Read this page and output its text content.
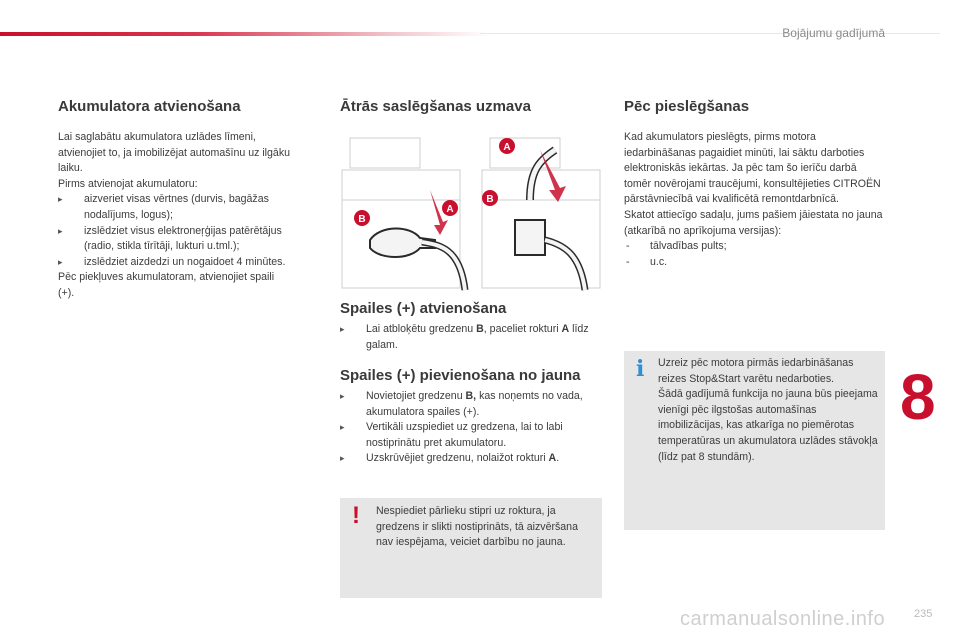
Bojājumu gadījumā
8
Akumulatora atvienošana

Lai saglabātu akumulatora uzlādes līmeni, atvienojiet to, ja imobilizējat automašīnu uz ilgāku laiku.

Pirms atvienojat akumulatoru:

▸ aizveriet visas vērtnes (durvis, bagāžas nodalījums, logus);
▸ izslēdziet visus elektroneŗģijas patērētājus (radio, stikla tīrītāji, lukturi u.tml.);
▸ izslēdziet aizdedzi un nogaidoet 4 minūtes.

Pēc piekļuves akumulatoram, atvienojiet spaili (+).

Ātrās saslēgšanas uzmava
A
B
A
B
Spailes (+) atvienošana
▸ Lai atbloķētu gredzenu B, paceliet rokturi A līdz galam.
Spailes (+) pievienošana no jauna
▸ Novietojiet gredzenu B, kas noņemts no vada, akumulatora spailes (+).
▸ Vertikāli uzspiediet uz gredzena, lai to labi nostiprinātu pret akumulatoru.
▸ Uzskrūvējiet gredzenu, nolaižot rokturi A.
! Nespiediet pārlieku stipri uz roktura, ja gredzens ir slikti nostiprināts, tā aizvēršana nav iespējama, veiciet darbību no jauna.
Pēc pieslēgšanas

Kad akumulators pieslēgts, pirms motora iedarbināšanas pagaidiet minūti, lai sāktu darboties elektroniskās iekārtas. Ja pēc tam šo ierīču darbā tomēr novērojami traucējumi, konsultējieties CITROËN pārstāvniecībā vai kvalificētā remontdarbnīcā.

Skatot attiecīgo sadaļu, jums pašiem jāiestata no jauna (atkarībā no aprīkojuma versijas):

- tālvadības pults;
- u.c.
i Uzreiz pēc motora pirmās iedarbināšanas reizes Stop&Start varētu nedarboties.
Šādā gadījumā funkcija no jauna būs pieejama vienīgi pēc ilgstošas automašīnas imobilizācijas, kas atkarīga no piemērotas temperatūras un akumulatora uzlādes stāvokļa (līdz pat 8 stundām).
carmanualsonline.info	235
